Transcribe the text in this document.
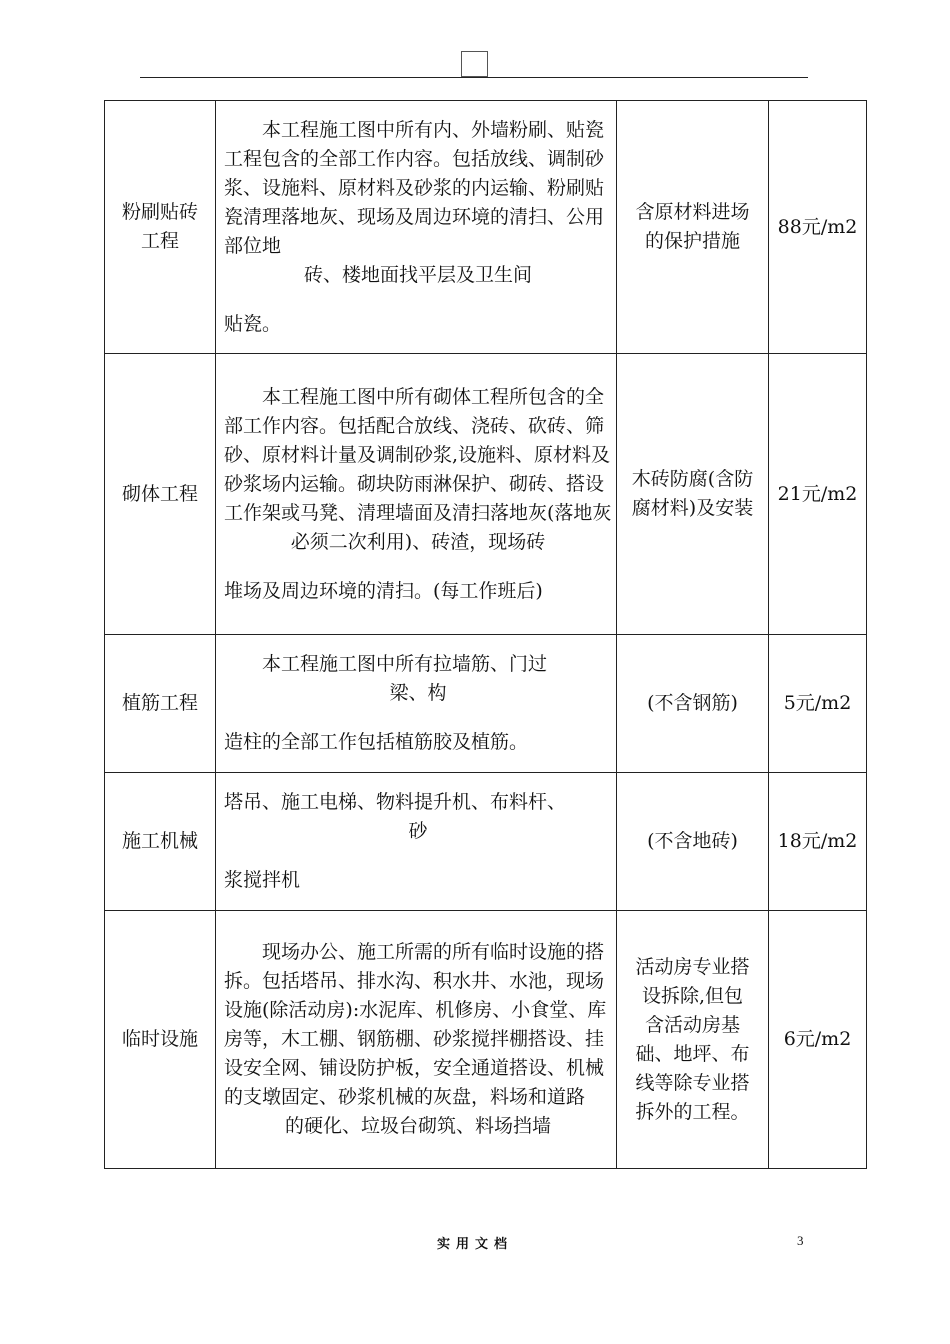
粉刷贴砖工程	本工程施工图中所有内、外墙粉刷、贴瓷工程包含的全部工作内容。包括放线、调制砂浆、设施料、原材料及砂浆的内运输、粉刷贴瓷清理落地灰、现场及周边环境的清扫、公用部位地
砖、楼地面找平层及卫生间
贴瓷。	含原材料进场的保护措施	88元/m2
砌体工程	本工程施工图中所有砌体工程所包含的全部工作内容。包括配合放线、浇砖、砍砖、筛砂、原材料计量及调制砂浆,设施料、原材料及砂浆场内运输。砌块防雨淋保护、砌砖、搭设工作架或马凳、清理墙面及清扫落地灰(落地灰
必须二次利用)、砖渣，现场砖
堆场及周边环境的清扫。(每工作班后)	木砖防腐(含防腐材料)及安装	21元/m2
植筋工程	本工程施工图中所有拉墙筋、门过
梁、构
造柱的全部工作包括植筋胶及植筋。	(不含钢筋)	5元/m2
施工机械	塔吊、施工电梯、物料提升机、布料杆、
砂
浆搅拌机	(不含地砖)	18元/m2
临时设施	现场办公、施工所需的所有临时设施的搭拆。包括塔吊、排水沟、积水井、水池，现场设施(除活动房):水泥库、机修房、小食堂、库房等，木工棚、钢筋棚、砂浆搅拌棚搭设、挂设安全网、铺设防护板，安全通道搭设、机械的支墩固定、砂浆机械的灰盘，料场和道路
的硬化、垃圾台砌筑、料场挡墙	活动房专业搭设拆除,但包含活动房基础、地坪、布线等除专业搭拆外的工程。	6元/m2
实用文档	3
